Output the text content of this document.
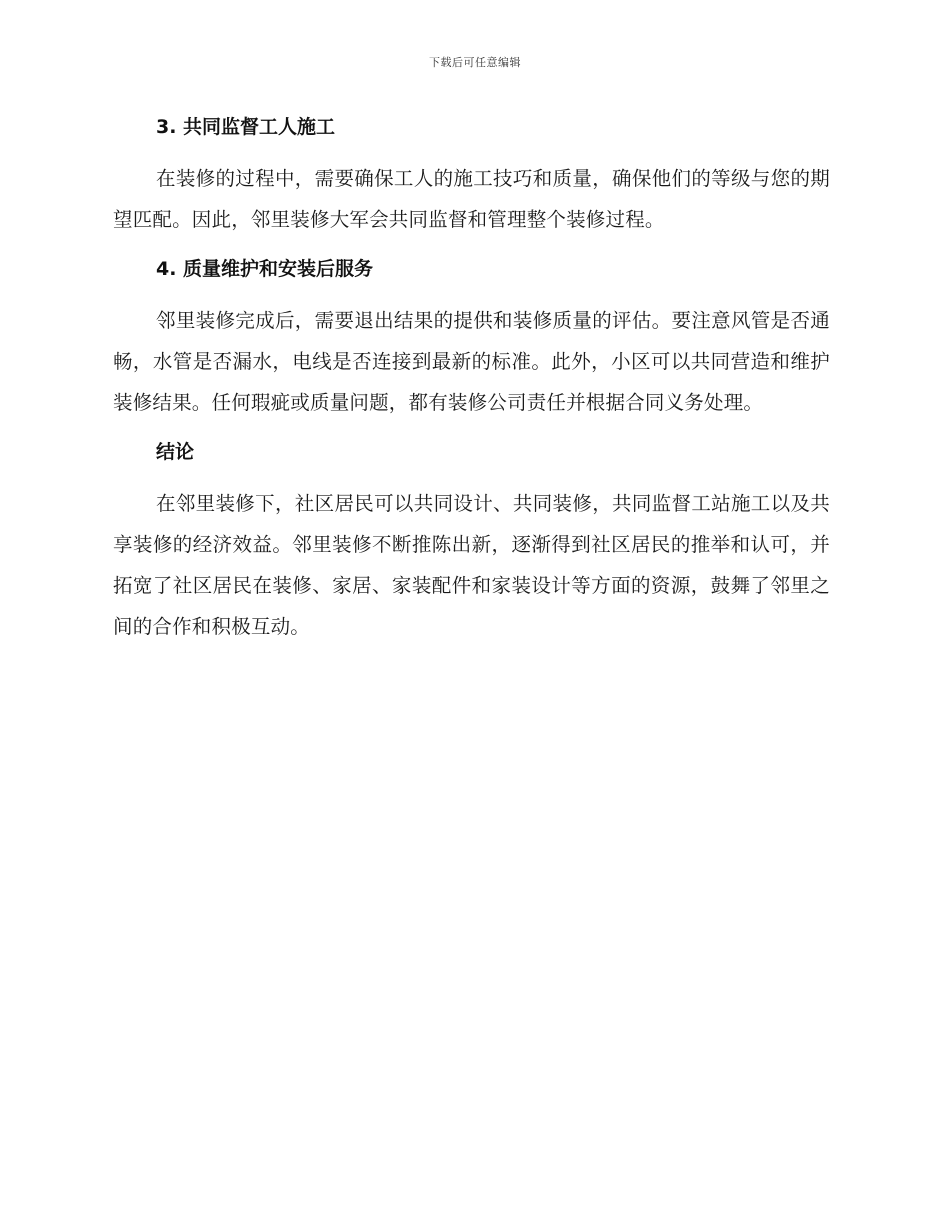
下载后可任意编辑
3. 共同监督工人施工

在装修的过程中，需要确保工人的施工技巧和质量，确保他们的等级与您的期望匹配。因此，邻里装修大军会共同监督和管理整个装修过程。

4. 质量维护和安装后服务

邻里装修完成后，需要退出结果的提供和装修质量的评估。要注意风管是否通畅，水管是否漏水，电线是否连接到最新的标准。此外，小区可以共同营造和维护装修结果。任何瑕疵或质量问题，都有装修公司责任并根据合同义务处理。

结论

在邻里装修下，社区居民可以共同设计、共同装修，共同监督工站施工以及共享装修的经济效益。邻里装修不断推陈出新，逐渐得到社区居民的推举和认可，并拓宽了社区居民在装修、家居、家装配件和家装设计等方面的资源，鼓舞了邻里之间的合作和积极互动。
